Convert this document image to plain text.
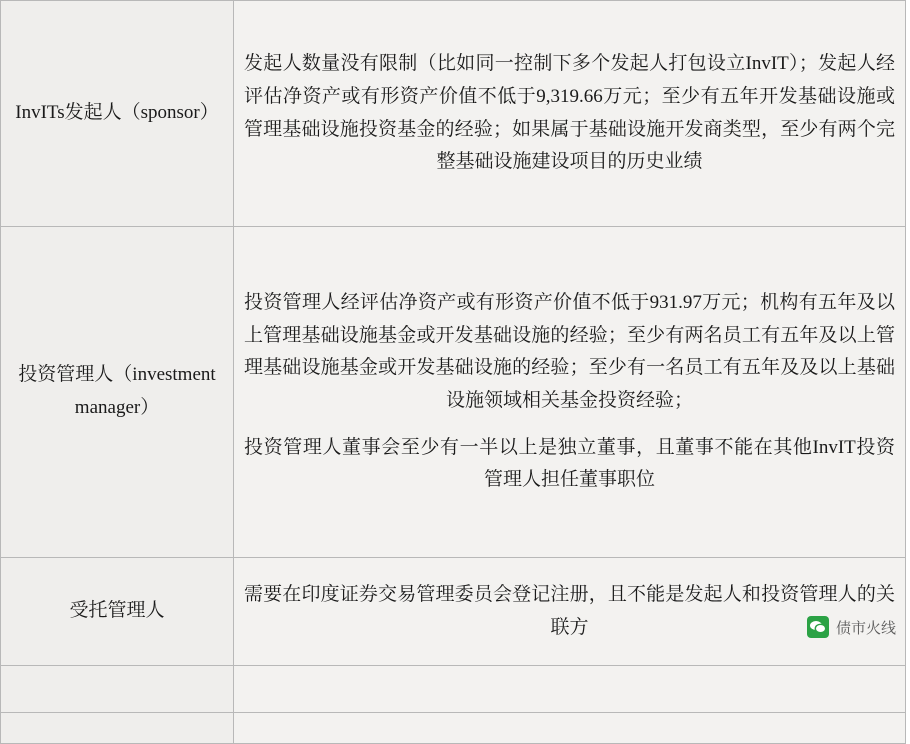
InvITs发起人（sponsor）	发起人数量没有限制（比如同一控制下多个发起人打包设立InvIT）；发起人经评估净资产或有形资产价值不低于9,319.66万元；至少有五年开发基础设施或管理基础设施投资基金的经验；如果属于基础设施开发商类型，至少有两个完整基础设施建设项目的历史业绩

投资管理人（investment manager）	投资管理人经评估净资产或有形资产价值不低于931.97万元；机构有五年及以上管理基础设施基金或开发基础设施的经验；至少有两名员工有五年及以上管理基础设施基金或开发基础设施的经验；至少有一名员工有五年及及以上基础设施领域相关基金投资经验；

投资管理人董事会至少有一半以上是独立董事，且董事不能在其他InvIT投资管理人担任董事职位

受托管理人	需要在印度证券交易管理委员会登记注册，且不能是发起人和投资管理人的关联方

		债市火线
